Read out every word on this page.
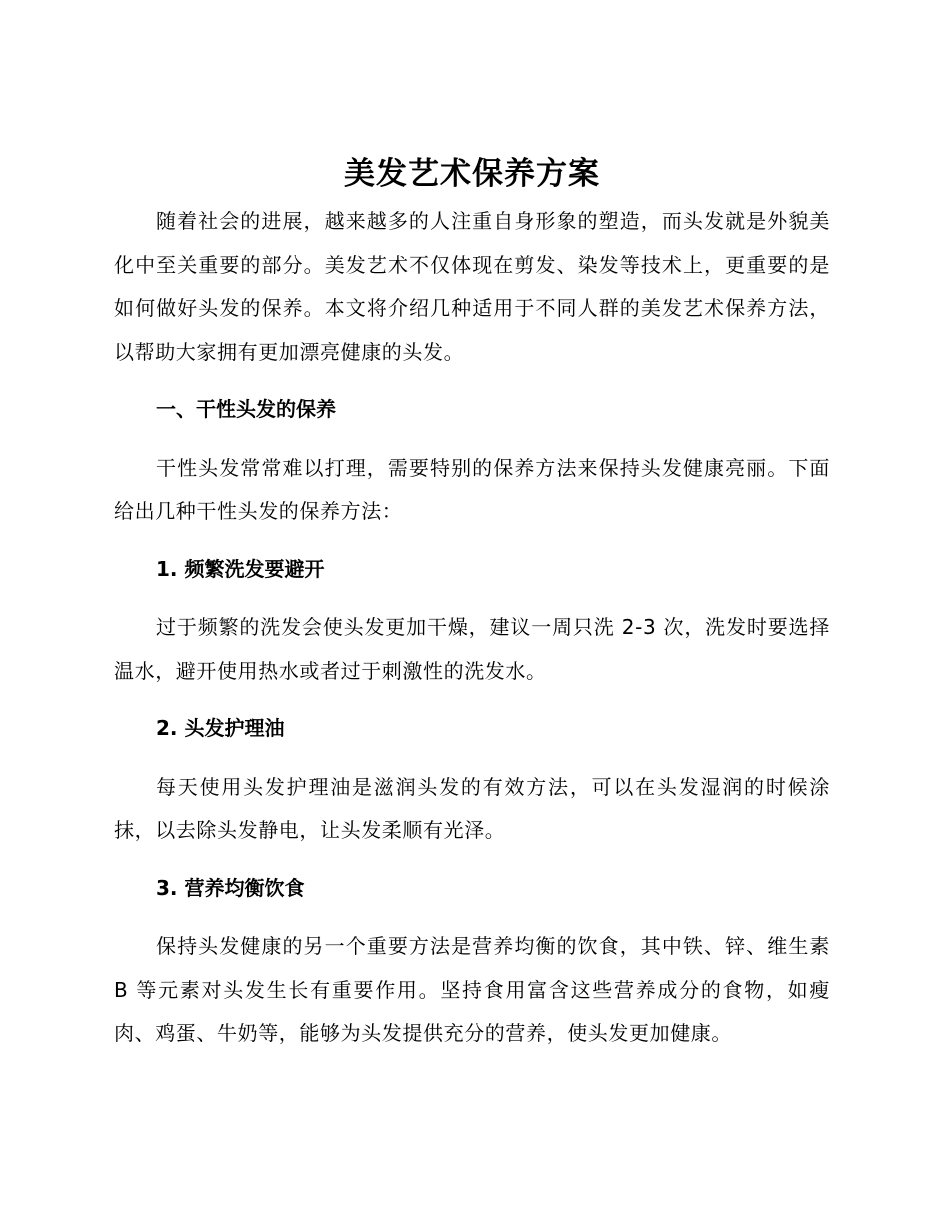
美发艺术保养方案

随着社会的进展，越来越多的人注重自身形象的塑造，而头发就是外貌美化中至关重要的部分。美发艺术不仅体现在剪发、染发等技术上，更重要的是如何做好头发的保养。本文将介绍几种适用于不同人群的美发艺术保养方法，以帮助大家拥有更加漂亮健康的头发。

一、干性头发的保养

干性头发常常难以打理，需要特别的保养方法来保持头发健康亮丽。下面给出几种干性头发的保养方法：

1. 频繁洗发要避开

过于频繁的洗发会使头发更加干燥，建议一周只洗 2-3 次，洗发时要选择温水，避开使用热水或者过于刺激性的洗发水。

2. 头发护理油

每天使用头发护理油是滋润头发的有效方法，可以在头发湿润的时候涂抹，以去除头发静电，让头发柔顺有光泽。

3. 营养均衡饮食

保持头发健康的另一个重要方法是营养均衡的饮食，其中铁、锌、维生素 B 等元素对头发生长有重要作用。坚持食用富含这些营养成分的食物，如瘦肉、鸡蛋、牛奶等，能够为头发提供充分的营养，使头发更加健康。
